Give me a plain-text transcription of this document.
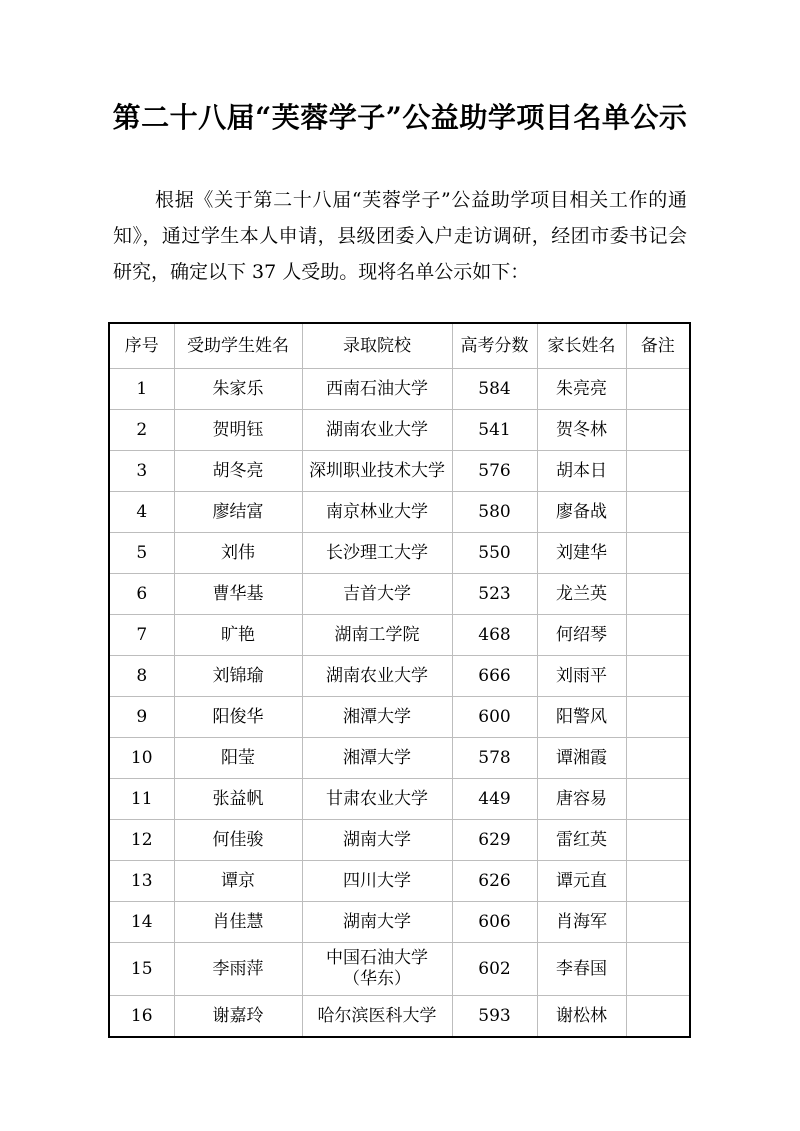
第二十八届“芙蓉学子”公益助学项目名单公示

根据《关于第二十八届“芙蓉学子”公益助学项目相关工作的通知》，通过学生本人申请，县级团委入户走访调研，经团市委书记会研究，确定以下 37 人受助。现将名单公示如下：

序号	受助学生姓名	录取院校	高考分数	家长姓名	备注
1	朱家乐	西南石油大学	584	朱亮亮	
2	贺明钰	湖南农业大学	541	贺冬林	
3	胡冬亮	深圳职业技术大学	576	胡本日	
4	廖结富	南京林业大学	580	廖备战	
5	刘伟	长沙理工大学	550	刘建华	
6	曹华基	吉首大学	523	龙兰英	
7	旷艳	湖南工学院	468	何绍琴	
8	刘锦瑜	湖南农业大学	666	刘雨平	
9	阳俊华	湘潭大学	600	阳警风	
10	阳莹	湘潭大学	578	谭湘霞	
11	张益帆	甘肃农业大学	449	唐容易	
12	何佳骏	湖南大学	629	雷红英	
13	谭京	四川大学	626	谭元直	
14	肖佳慧	湖南大学	606	肖海军	
15	李雨萍	中国石油大学
（华东）	602	李春国	
16	谢嘉玲	哈尔滨医科大学	593	谢松林	
